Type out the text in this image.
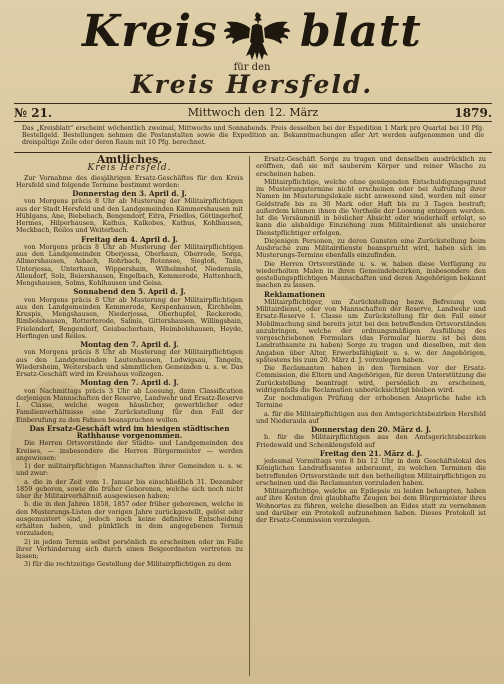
Kreis blatt
für den
Kreis Hersfeld.
№ 21.	Mittwoch den 12. März	1879.
Das „Kreisblatt" erscheint wöchentlich zweimal, Mittwochs und Sonnabends. Preis desselben bei der Expedition 1 Mark pro Quartal bei 10 Pfg. Bestellgeld. Bestellungen nehmen die Postanstalten sowie die Expedition an. Bekanntmachungen aller Art werden aufgenommen und die dreispaltige Zeile oder deren Raum mit 10 Pfg. berechnet.
Amtliches.
Kreis Hersfeld.
Zur Vornahme des diesjährigen Ersatz-Geschäftes für den Kreis Hersfeld sind folgende Termine bestimmt worden:
Donnerstag den 3. April d. J.
von Morgens präcis 8 Uhr ab Musterung der Militairpflichtigen aus der Stadt Hersfeld und den Landgemeinden Kämmershausen mit Hühlgans, Ane, Biebebach, Bengendorf, Eitra, Friedlos, Göttingerhof, Hermes, Hilperhausen, Kathus, Kalkobes, Kathus, Kohlhausen, Meckbach, Reilos und Weiterbach.
Freitag den 4. April d. J.
von Morgens präcis 8 Uhr ab Musterung der Militairpflichtigen aus den Landgemeinden Oberjossa, Oberhaun, Oberrode, Sorga, Allmershausen, Asbach, Rohrbach, Rotensee, Siegloß, Tann, Unterjossa, Unterhaun, Wippershain, Wilhelmshof, Niederaula, Allendorf, Solz, Beiershausen, Engelbach, Kemmerode, Hattenbach, Mengshausen, Solms, Kohlhausen und Geisa.
Sonnabend den 5. April d. J.
von Morgens präcis 8 Uhr ab Musterung der Militairpflichtigen aus den Landgemeinden Kemmerode, Kerspenhausen, Kirchheim, Kruspis, Mengshausen, Niederjossa, Oberhupfel, Reckerode, Rimbolshausen, Rotterterode, Salmis, Gittershausen, Willingshain, Frielendorf, Bengendorf, Geisbacherhain, Heimbolshausen, Heyde, Herfingen und Reilos.
Montag den 7. April d. J.
von Morgens präcis 8 Uhr ab Musterung der Militairpflichtigen aus den Landgemeinden Lautenhausen, Ludwigsau, Tangeln, Wiedersheim, Weitersbach und sämmtlichen Gemeinden u. s. w. Das Ersatz-Geschäft wird im Kreishaus vollzogen.
Montag den 7. April d. J.
von Nachmittags präcis 3 Uhr ab Loosung, dann Classification derjenigen Mannschaften der Reserve, Landwehr und Ersatz-Reserve I. Classe, welche wegen häuslicher, gewerblicher oder Familienverhältnisse eine Zurückstellung für den Fall der Einberufung zu den Fahnen beanspruchen wollen.
Das Ersatz-Geschäft wird im hiesigen städtischen Rathhause vorgenommen.
Die Herren Ortsvorstände der Städte- und Landgemeinden des Kreises, — insbesondere die Herren Bürgermeister — werden angewiesen:
1) der militairpflichtigen Mannschaften ihrer Gemeinden u. s. w. und zwar:
a. die in der Zeit vom 1. Januar bis einschließlich 31. Dezember 1859 geboren, sowie die früher Geborenen, welche sich noch nicht über ihr Militairverhältniß ausgewiesen haben;
b. die in den Jahren 1858, 1857 oder früher geborenen, welche in den Musterungs-Listen der vorigen Jahre zurückgestellt, gelöst oder ausgemustert sind, jedoch noch keine definitive Entscheidung erhalten haben, und pünktlich in dem angegebenen Termin vorzuladen;
2) in jedem Termin selbst persönlich zu erscheinen oder im Falle ihrer Verhinderung sich durch einen Beigeordneten vertreten zu lassen;
3) für die rechtzeitige Gestellung der Militairpflichtigen zu dem
Ersatz-Geschäft Sorge zu tragen und denselben ausdrücklich zu eröffnen, daß sie mit sauberem Körper und reiner Wäsche zu erscheinen haben.
Militairpflichtige, welche ohne genügenden Entschuldigungsgrund im Musterungstermine nicht erscheinen oder bei Aufrufung ihrer Namen im Musterungslokale nicht anwesend sind, werden mit einer Geldstrafe bis zu 30 Mark oder Haft bis zu 3 Tagen bestraft; außerdem können ihnen die Vortheile der Loosung entzogen werden. Ist die Versäumniß in böslicher Absicht oder wiederholt erfolgt, so kann die alsbaldige Einziehung zum Militairdienst als unsicherer Dienstpflichtiger erfolgen.
Diejenigen Personen, zu deren Gunsten eine Zurückstellung beim Ausbruche zum Militairdienste beansprucht wird, haben sich im Musterungs-Termine ebenfalls einzufinden.
Die Herren Ortsvorstände u. s. w. haben diese Verfügung zu wiederholten Malen in ihren Gemeindebezirken, insbesondere den gestellungspflichtigen Mannschaften und deren Angehörigen bekannt machen zu lassen.
Reklamationen
Militairpflichtiger, um Zurückstellung bezw. Befreiung vom Militairdienst, oder von Mannschaften der Reserve, Landwehr und Ersatz-Reserve I. Classe um Zurückstellung für den Fall einer Mobilmachung sind bereits jetzt bei den betreffenden Ortsvorständen anzubringen, welche der ordnungsmäßigen Ausfüllung des vorgeschriebenen Formulars (das Formular hierzu ist bei dem Landrathsamte zu haben) Sorge zu tragen und dieselben, mit den Angaben über Alter, Erwerbsfähigkeit u. s. w. der Angehörigen, spätestens bis zum 20. März d. J. vorzulegen haben.
Die Reclamanten haben in den Terminen vor der Ersatz-Commission, die Eltern und Angehörigen, für deren Unterstützung die Zurückstellung beantragt wird, persönlich zu erscheinen, widrigenfalls die Reclamation unberücksichtigt bleiben wird.
Zur nochmaligen Prüfung der erhobenen Ansprüche habe ich Termine
a. für die Militairpflichtigen aus den Amtsgerichtsbezirken Hersfeld und Niederaula auf
Donnerstag den 20. März d. J.
b. für die Militairpflichtigen aus den Amtsgerichtsbezirken Friedewald und Schenklengsfeld auf
Freitag den 21. März d. J.
jedesmal Vormittags von 8 bis 12 Uhr in dem Geschäftslokal des Königlichen Landrathsamtes anberaumt, zu welchen Terminen die betreffenden Ortsvorstände mit den betheiligten Militairpflichtigen zu erscheinen und die Reclamanten vorzuladen haben.
Militairpflichtige, welche an Epilepsie zu leiden behaupten, haben auf ihre Kosten drei glaubhafte Zeugen bei dem Bürgermeister ihres Wohnortes zu führen, welche dieselben an Eides statt zu vernehmen und darüber ein Protokoll aufzunehmen haben. Dieses Protokoll ist der Ersatz-Commission vorzulegen.
